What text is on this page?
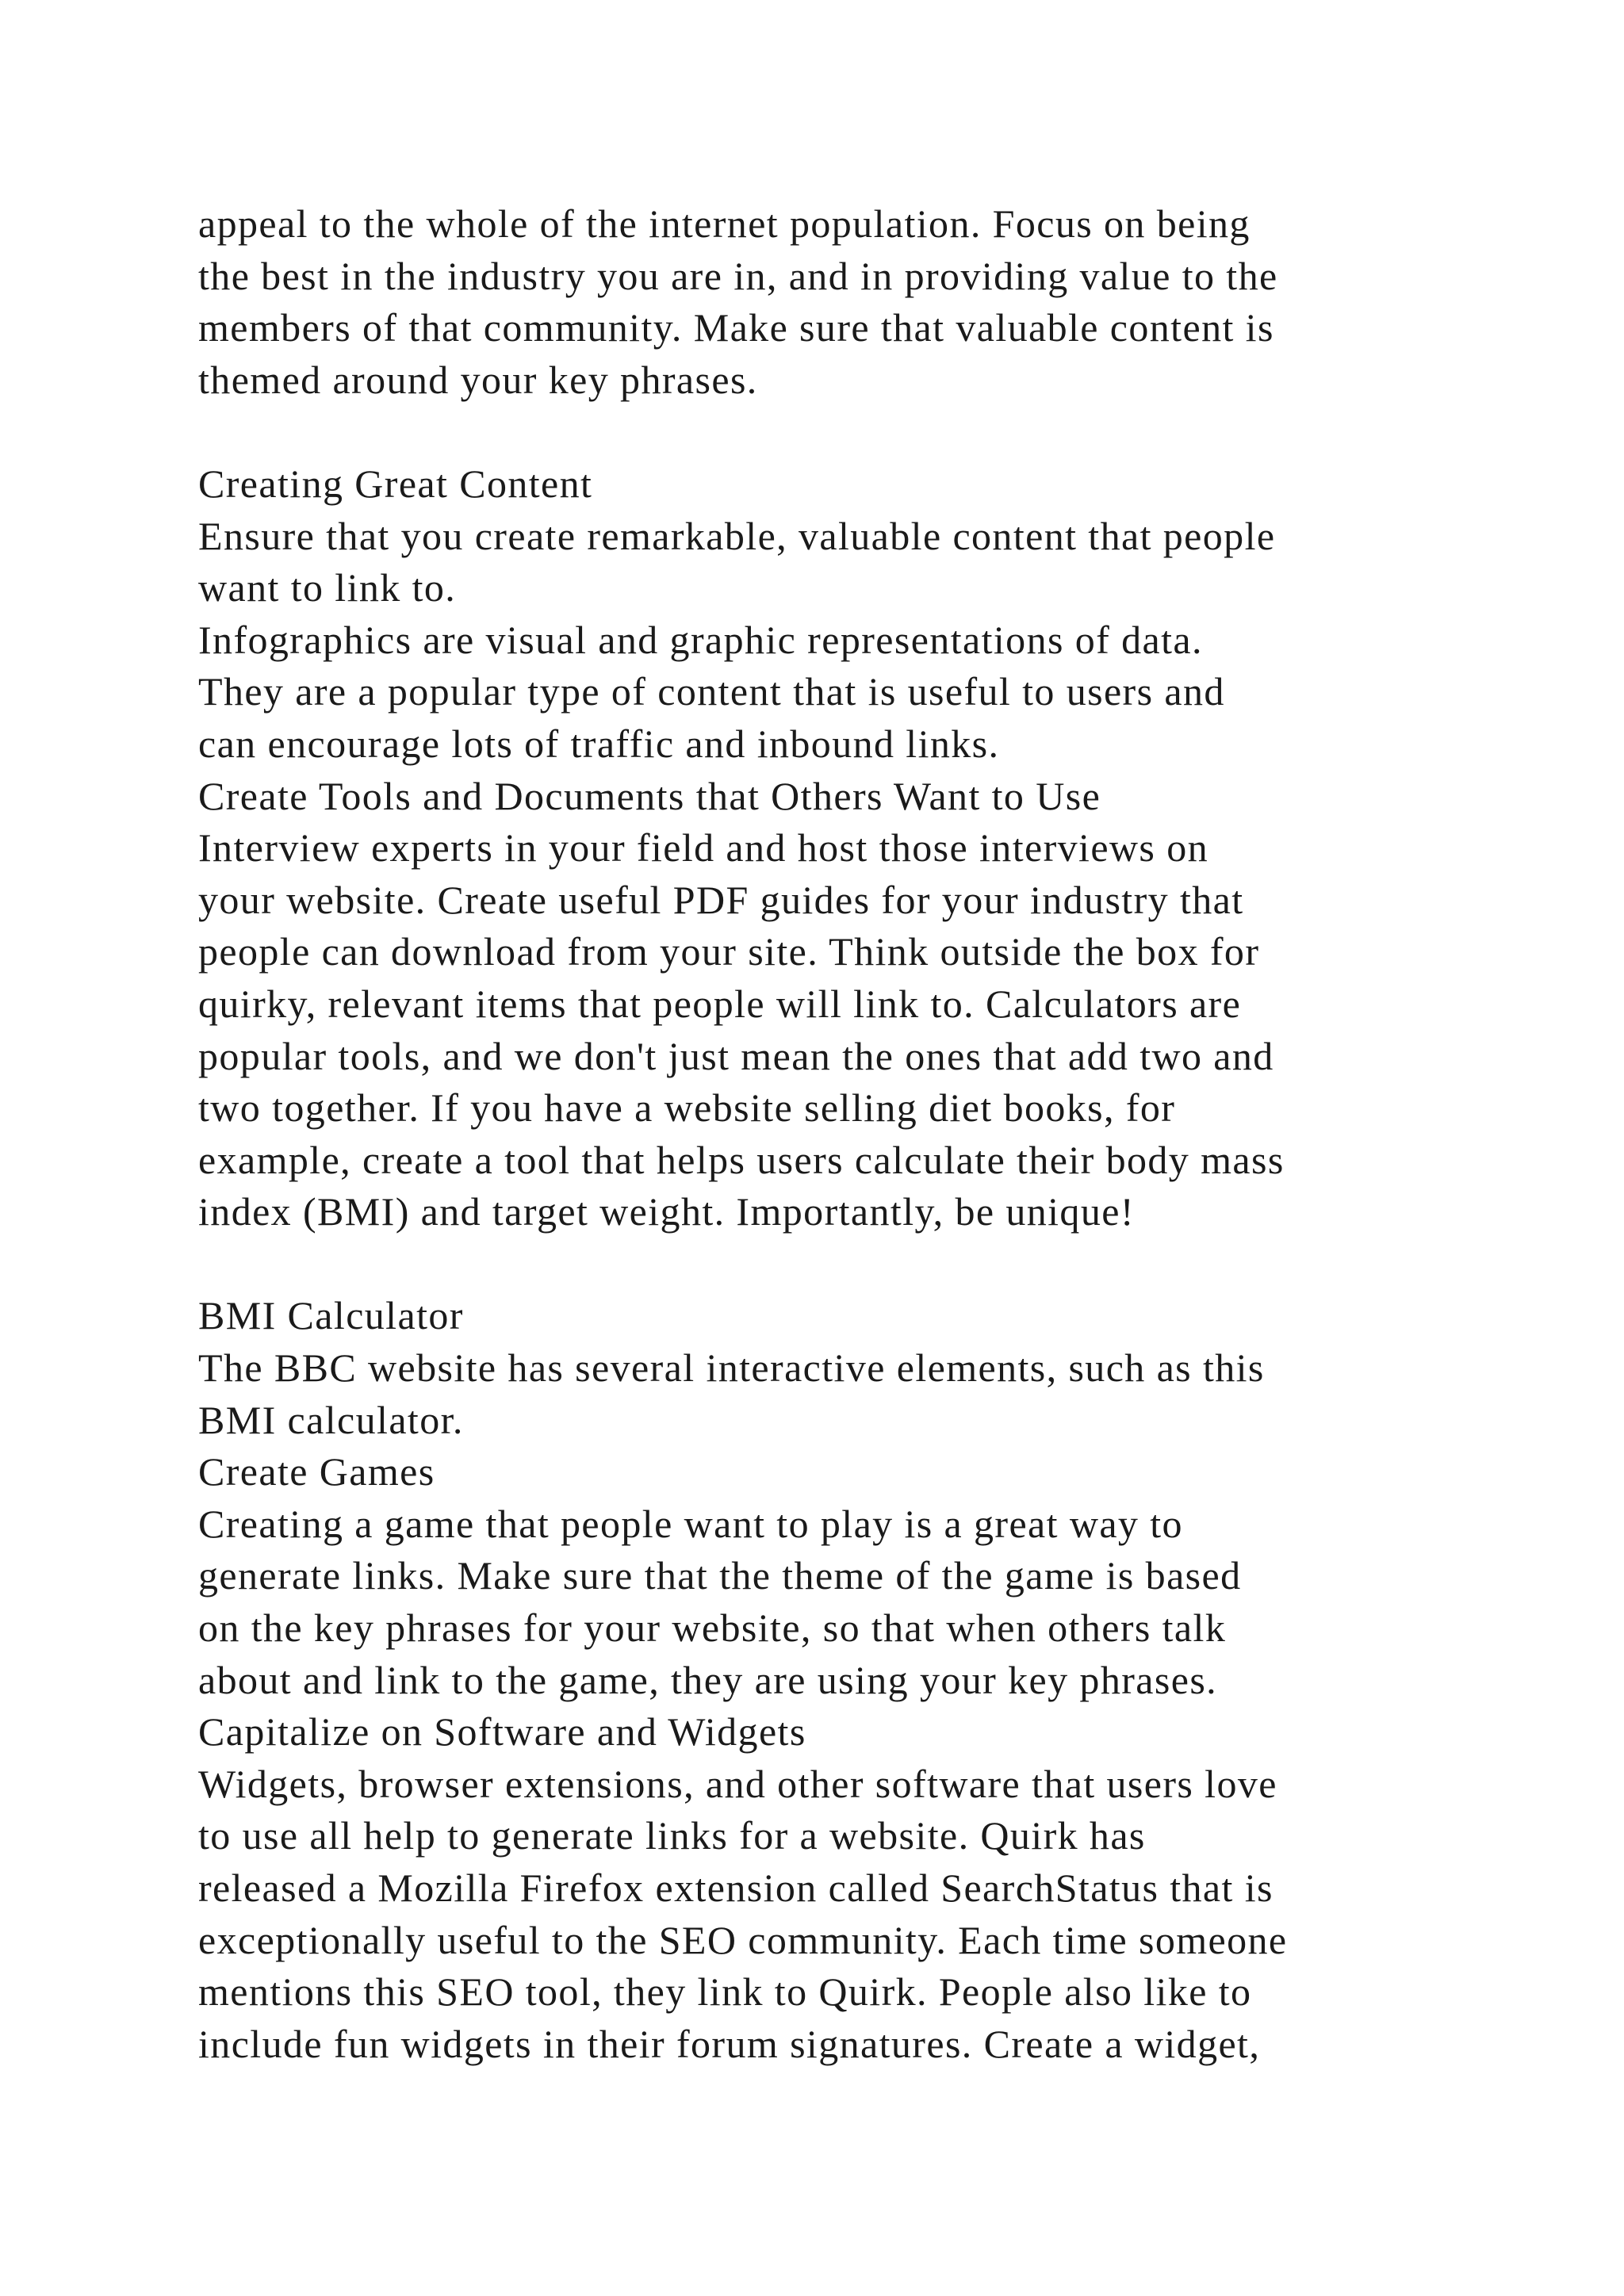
appeal to the whole of the internet population. Focus on being
the best in the industry you are in, and in providing value to the
members of that community. Make sure that valuable content is
themed around your key phrases.
Creating Great Content
Ensure that you create remarkable, valuable content that people
want to link to.
Infographics are visual and graphic representations of data.
They are a popular type of content that is useful to users and
can encourage lots of traffic and inbound links.
Create Tools and Documents that Others Want to Use
Interview experts in your field and host those interviews on
your website. Create useful PDF guides for your industry that
people can download from your site. Think outside the box for
quirky, relevant items that people will link to. Calculators are
popular tools, and we don't just mean the ones that add two and
two together. If you have a website selling diet books, for
example, create a tool that helps users calculate their body mass
index (BMI) and target weight. Importantly, be unique!
BMI Calculator
The BBC website has several interactive elements, such as this
BMI calculator.
Create Games
Creating a game that people want to play is a great way to
generate links. Make sure that the theme of the game is based
on the key phrases for your website, so that when others talk
about and link to the game, they are using your key phrases.
Capitalize on Software and Widgets
Widgets, browser extensions, and other software that users love
to use all help to generate links for a website. Quirk has
released a Mozilla Firefox extension called SearchStatus that is
exceptionally useful to the SEO community. Each time someone
mentions this SEO tool, they link to Quirk. People also like to
include fun widgets in their forum signatures. Create a widget,
